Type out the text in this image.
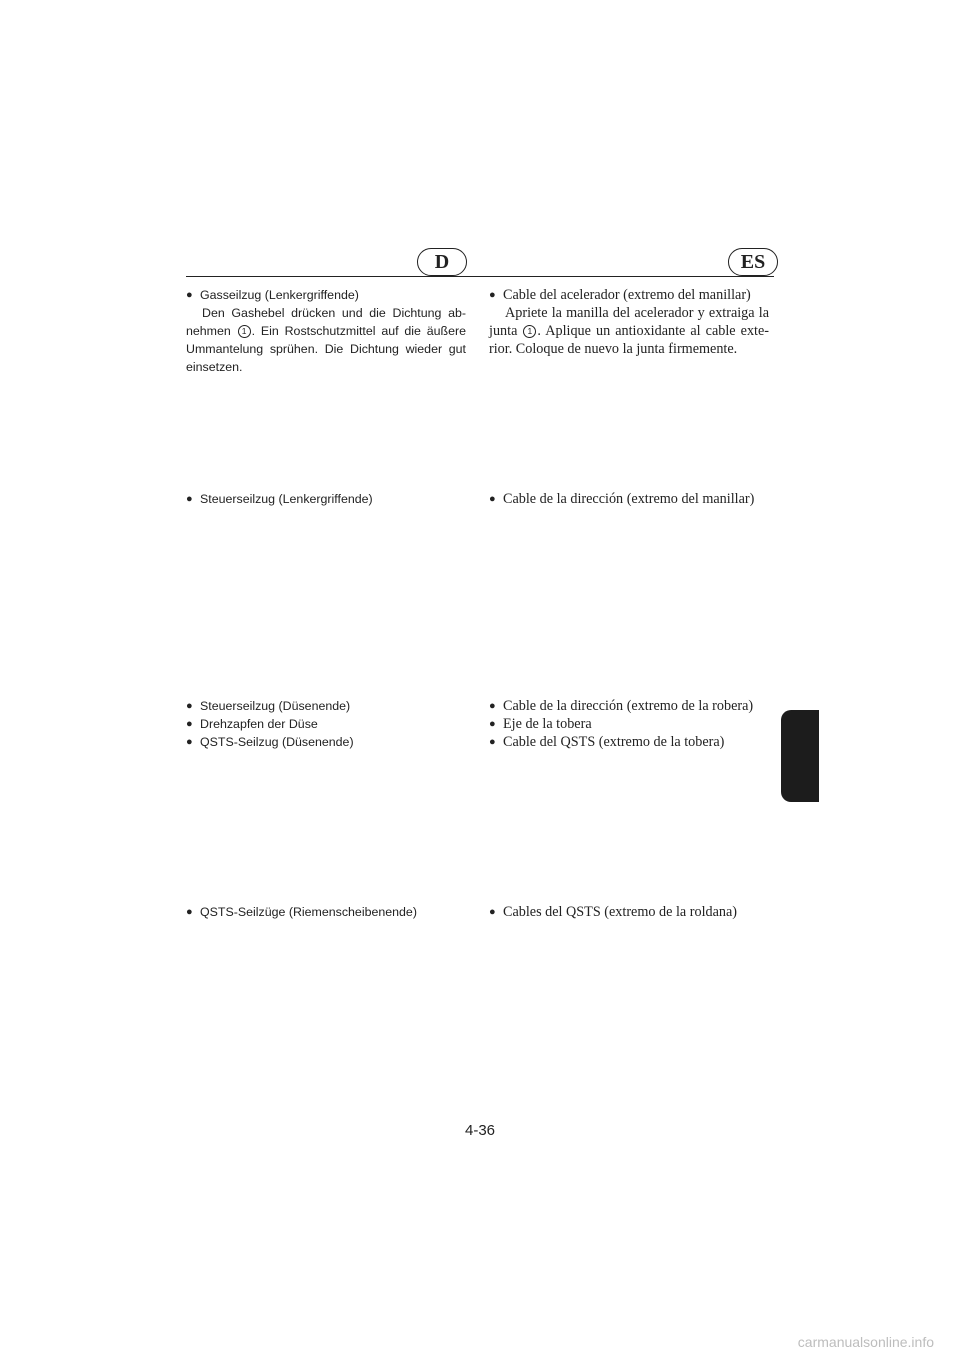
D	ES
● Gasseilzug (Lenkergriffende)

Den Gashebel drücken und die Dichtung ab-nehmen 1 . Ein Rostschutzmittel auf die äußere Ummantelung sprühen. Die Dichtung wieder gut einsetzen.

● Cable del acelerador (extremo del manillar)

Apriete la manilla del acelerador y extraiga la junta 1 . Aplique un antioxidante al cable exte-rior. Coloque de nuevo la junta firmemente.

● Steuerseilzug (Lenkergriffende)	● Cable de la dirección (extremo del manillar)
● Steuerseilzug (Düsenende)
● Drehzapfen der Düse
● QSTS-Seilzug (Düsenende)
● Cable de la dirección (extremo de la robera)
● Eje de la tobera
● Cable del QSTS (extremo de la tobera)
● QSTS-Seilzüge (Riemenscheibenende)	● Cables del QSTS (extremo de la roldana)
4-36
carmanualsonline.info
